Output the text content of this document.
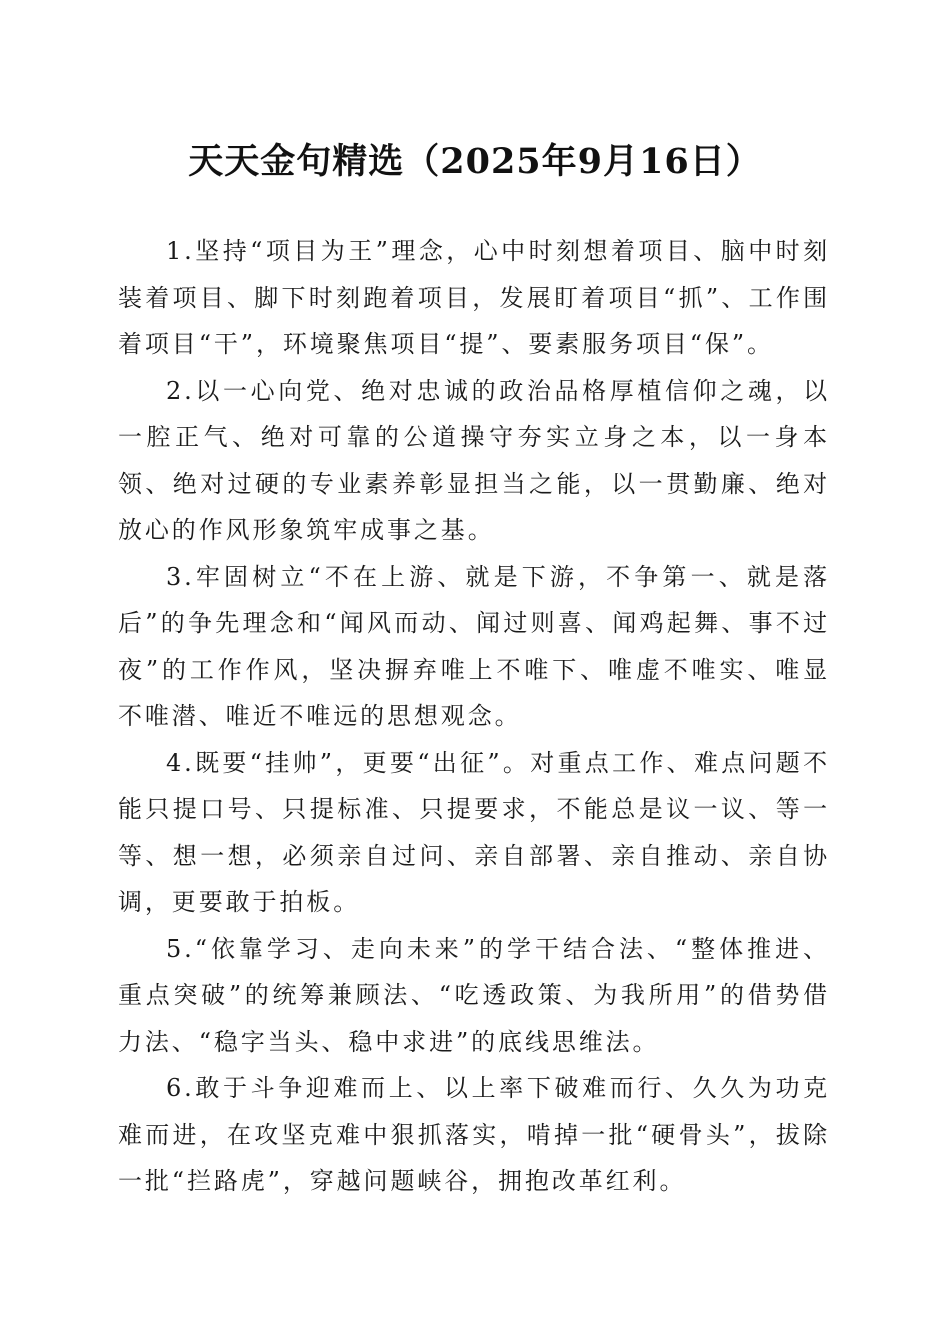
天天金句精选（2025年9月16日）

1.坚持“项目为王”理念，心中时刻想着项目、脑中时刻装着项目、脚下时刻跑着项目，发展盯着项目“抓”、工作围着项目“干”，环境聚焦项目“提”、要素服务项目“保”。

2.以一心向党、绝对忠诚的政治品格厚植信仰之魂，以一腔正气、绝对可靠的公道操守夯实立身之本，以一身本领、绝对过硬的专业素养彰显担当之能，以一贯勤廉、绝对放心的作风形象筑牢成事之基。

3.牢固树立“不在上游、就是下游，不争第一、就是落后”的争先理念和“闻风而动、闻过则喜、闻鸡起舞、事不过夜”的工作作风，坚决摒弃唯上不唯下、唯虚不唯实、唯显不唯潜、唯近不唯远的思想观念。

4.既要“挂帅”，更要“出征”。对重点工作、难点问题不能只提口号、只提标准、只提要求，不能总是议一议、等一等、想一想，必须亲自过问、亲自部署、亲自推动、亲自协调，更要敢于拍板。

5.“依靠学习、走向未来”的学干结合法、“整体推进、重点突破”的统筹兼顾法、“吃透政策、为我所用”的借势借力法、“稳字当头、稳中求进”的底线思维法。

6.敢于斗争迎难而上、以上率下破难而行、久久为功克难而进，在攻坚克难中狠抓落实，啃掉一批“硬骨头”，拔除一批“拦路虎”，穿越问题峡谷，拥抱改革红利。
